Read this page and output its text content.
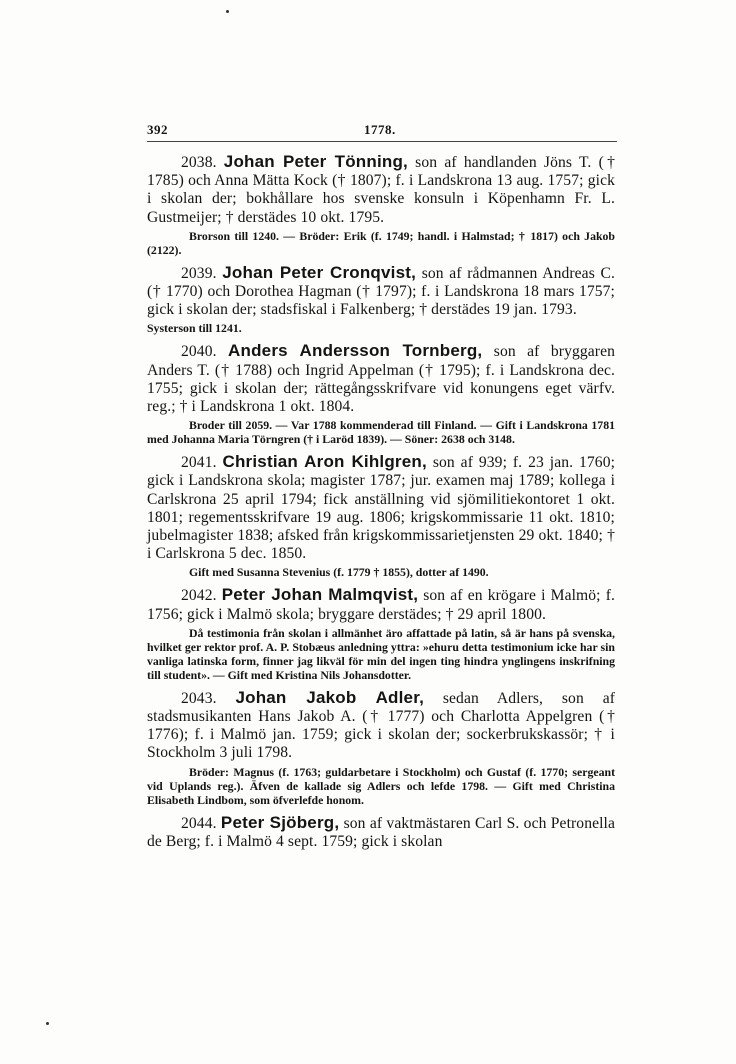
392	1778.

2038. Johan Peter Tönning, son af handlanden Jöns T. († 1785) och Anna Mätta Kock († 1807); f. i Landskrona 13 aug. 1757; gick i skolan der; bokhållare hos svenske konsuln i Köpenhamn Fr. L. Gustmeijer; † derstädes 10 okt. 1795.

Brorson till 1240. — Bröder: Erik (f. 1749; handl. i Halmstad; † 1817) och Jakob (2122).

2039. Johan Peter Cronqvist, son af rådmannen Andreas C. († 1770) och Dorothea Hagman († 1797); f. i Landskrona 18 mars 1757; gick i skolan der; stadsfiskal i Falkenberg; † derstädes 19 jan. 1793.

Systerson till 1241.

2040. Anders Andersson Tornberg, son af bryggaren Anders T. († 1788) och Ingrid Appelman († 1795); f. i Landskrona dec. 1755; gick i skolan der; rättegångsskrifvare vid konungens eget värfv. reg.; † i Landskrona 1 okt. 1804.

Broder till 2059. — Var 1788 kommenderad till Finland. — Gift i Landskrona 1781 med Johanna Maria Törngren († i Laröd 1839). — Söner: 2638 och 3148.

2041. Christian Aron Kihlgren, son af 939; f. 23 jan. 1760; gick i Landskrona skola; magister 1787; jur. examen maj 1789; kollega i Carlskrona 25 april 1794; fick anställning vid sjömilitiekontoret 1 okt. 1801; regementsskrifvare 19 aug. 1806; krigskommissarie 11 okt. 1810; jubelmagister 1838; afsked från krigskommissarietjensten 29 okt. 1840; † i Carlskrona 5 dec. 1850.

Gift med Susanna Stevenius (f. 1779 † 1855), dotter af 1490.

2042. Peter Johan Malmqvist, son af en krögare i Malmö; f. 1756; gick i Malmö skola; bryggare derstädes; † 29 april 1800.

Då testimonia från skolan i allmänhet äro affattade på latin, så är hans på svenska, hvilket ger rektor prof. A. P. Stobæus anledning yttra: »ehuru detta testimonium icke har sin vanliga latinska form, finner jag likväl för min del ingen ting hindra ynglingens inskrifning till student». — Gift med Kristina Nils Johansdotter.

2043. Johan Jakob Adler, sedan Adlers, son af stadsmusikanten Hans Jakob A. († 1777) och Charlotta Appelgren († 1776); f. i Malmö jan. 1759; gick i skolan der; sockerbrukskassör; † i Stockholm 3 juli 1798.

Bröder: Magnus (f. 1763; guldarbetare i Stockholm) och Gustaf (f. 1770; sergeant vid Uplands reg.). Äfven de kallade sig Adlers och lefde 1798. — Gift med Christina Elisabeth Lindbom, som öfverlefde honom.

2044. Peter Sjöberg, son af vaktmästaren Carl S. och Petronella de Berg; f. i Malmö 4 sept. 1759; gick i skolan
